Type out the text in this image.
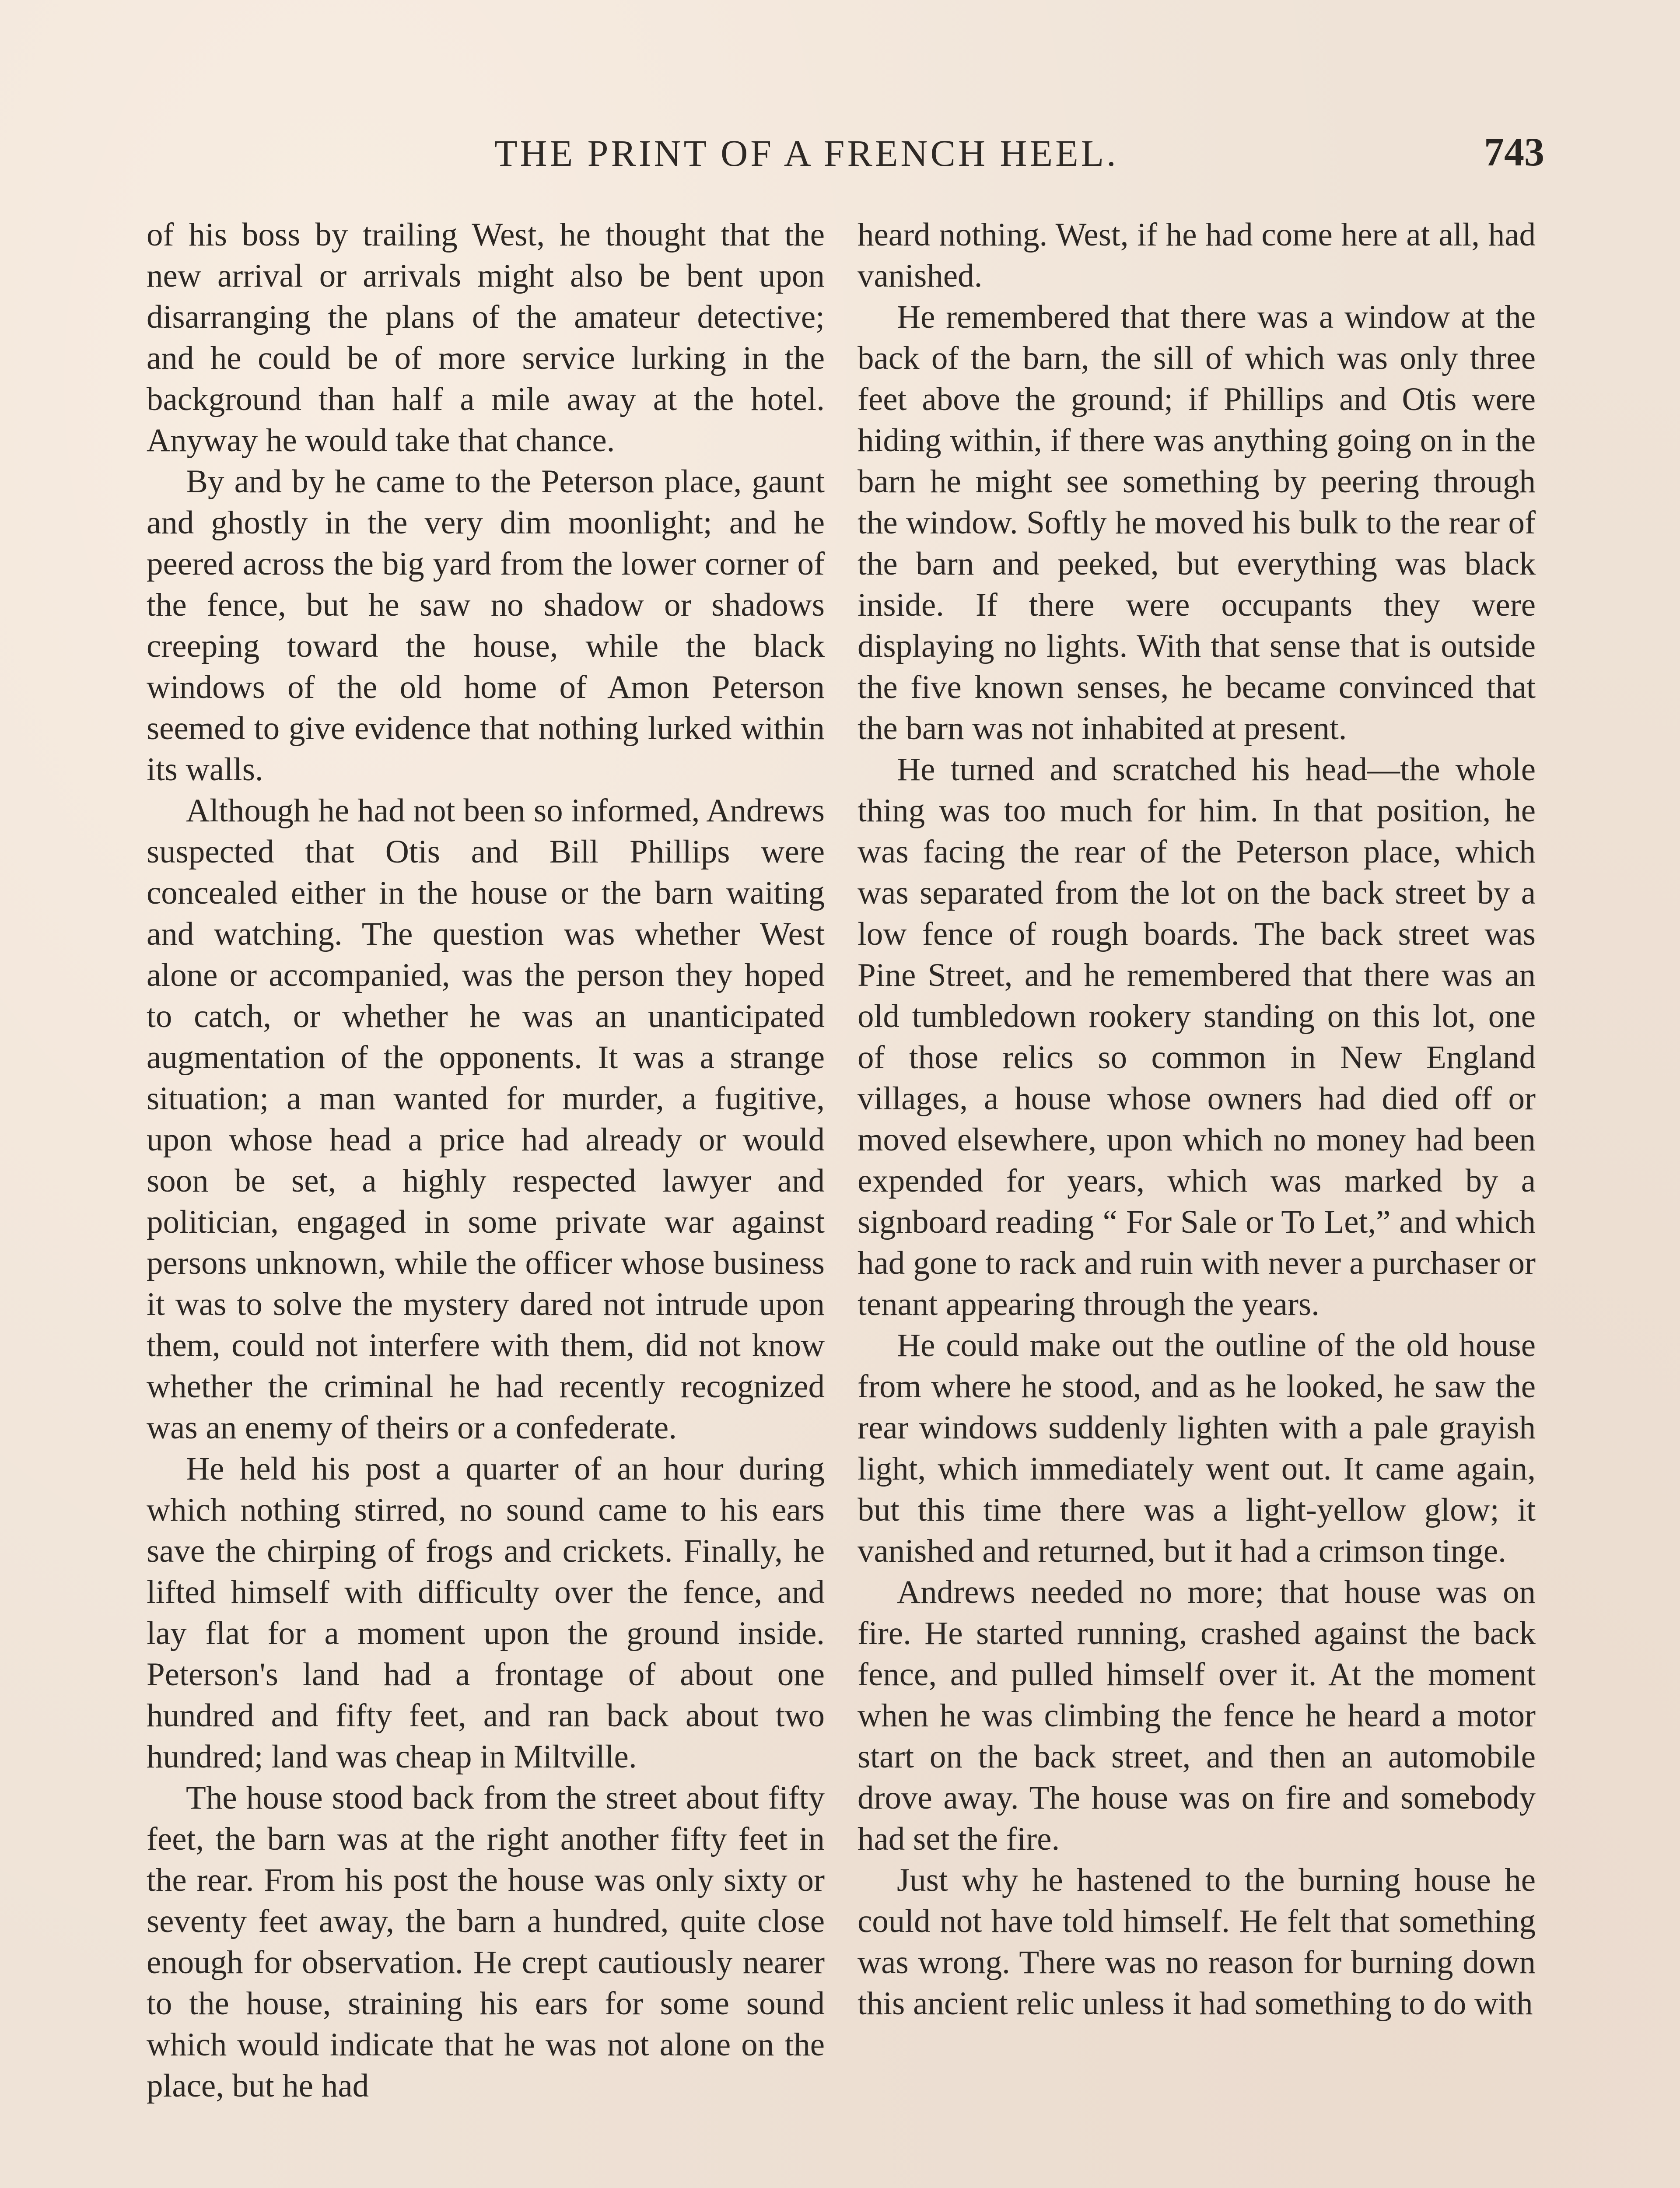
THE PRINT OF A FRENCH HEEL.	743

of his boss by trailing West, he thought that the new arrival or arrivals might also be bent upon disarranging the plans of the amateur detective; and he could be of more service lurking in the background than half a mile away at the hotel. Anyway he would take that chance.

By and by he came to the Peterson place, gaunt and ghostly in the very dim moonlight; and he peered across the big yard from the lower corner of the fence, but he saw no shadow or shadows creeping toward the house, while the black windows of the old home of Amon Peterson seemed to give evidence that nothing lurked within its walls.

Although he had not been so informed, Andrews suspected that Otis and Bill Phillips were concealed either in the house or the barn waiting and watching. The question was whether West alone or accompanied, was the person they hoped to catch, or whether he was an unanticipated augmentation of the opponents. It was a strange situation; a man wanted for murder, a fugitive, upon whose head a price had already or would soon be set, a highly respected lawyer and politician, engaged in some private war against persons unknown, while the officer whose business it was to solve the mystery dared not intrude upon them, could not interfere with them, did not know whether the criminal he had recently recognized was an enemy of theirs or a confederate.

He held his post a quarter of an hour during which nothing stirred, no sound came to his ears save the chirping of frogs and crickets. Finally, he lifted himself with difficulty over the fence, and lay flat for a moment upon the ground inside. Peterson's land had a frontage of about one hundred and fifty feet, and ran back about two hundred; land was cheap in Miltville.

The house stood back from the street about fifty feet, the barn was at the right another fifty feet in the rear. From his post the house was only sixty or seventy feet away, the barn a hundred, quite close enough for observation. He crept cautiously nearer to the house, straining his ears for some sound which would indicate that he was not alone on the place, but he had

heard nothing. West, if he had come here at all, had vanished.

He remembered that there was a window at the back of the barn, the sill of which was only three feet above the ground; if Phillips and Otis were hiding within, if there was anything going on in the barn he might see something by peering through the window. Softly he moved his bulk to the rear of the barn and peeked, but everything was black inside. If there were occupants they were displaying no lights. With that sense that is outside the five known senses, he became convinced that the barn was not inhabited at present.

He turned and scratched his head—the whole thing was too much for him. In that position, he was facing the rear of the Peterson place, which was separated from the lot on the back street by a low fence of rough boards. The back street was Pine Street, and he remembered that there was an old tumbledown rookery standing on this lot, one of those relics so common in New England villages, a house whose owners had died off or moved elsewhere, upon which no money had been expended for years, which was marked by a signboard reading “ For Sale or To Let,” and which had gone to rack and ruin with never a purchaser or tenant appearing through the years.

He could make out the outline of the old house from where he stood, and as he looked, he saw the rear windows suddenly lighten with a pale grayish light, which immediately went out. It came again, but this time there was a light-yellow glow; it vanished and returned, but it had a crimson tinge.

Andrews needed no more; that house was on fire. He started running, crashed against the back fence, and pulled himself over it. At the moment when he was climbing the fence he heard a motor start on the back street, and then an automobile drove away. The house was on fire and somebody had set the fire.

Just why he hastened to the burning house he could not have told himself. He felt that something was wrong. There was no reason for burning down this ancient relic unless it had something to do with
